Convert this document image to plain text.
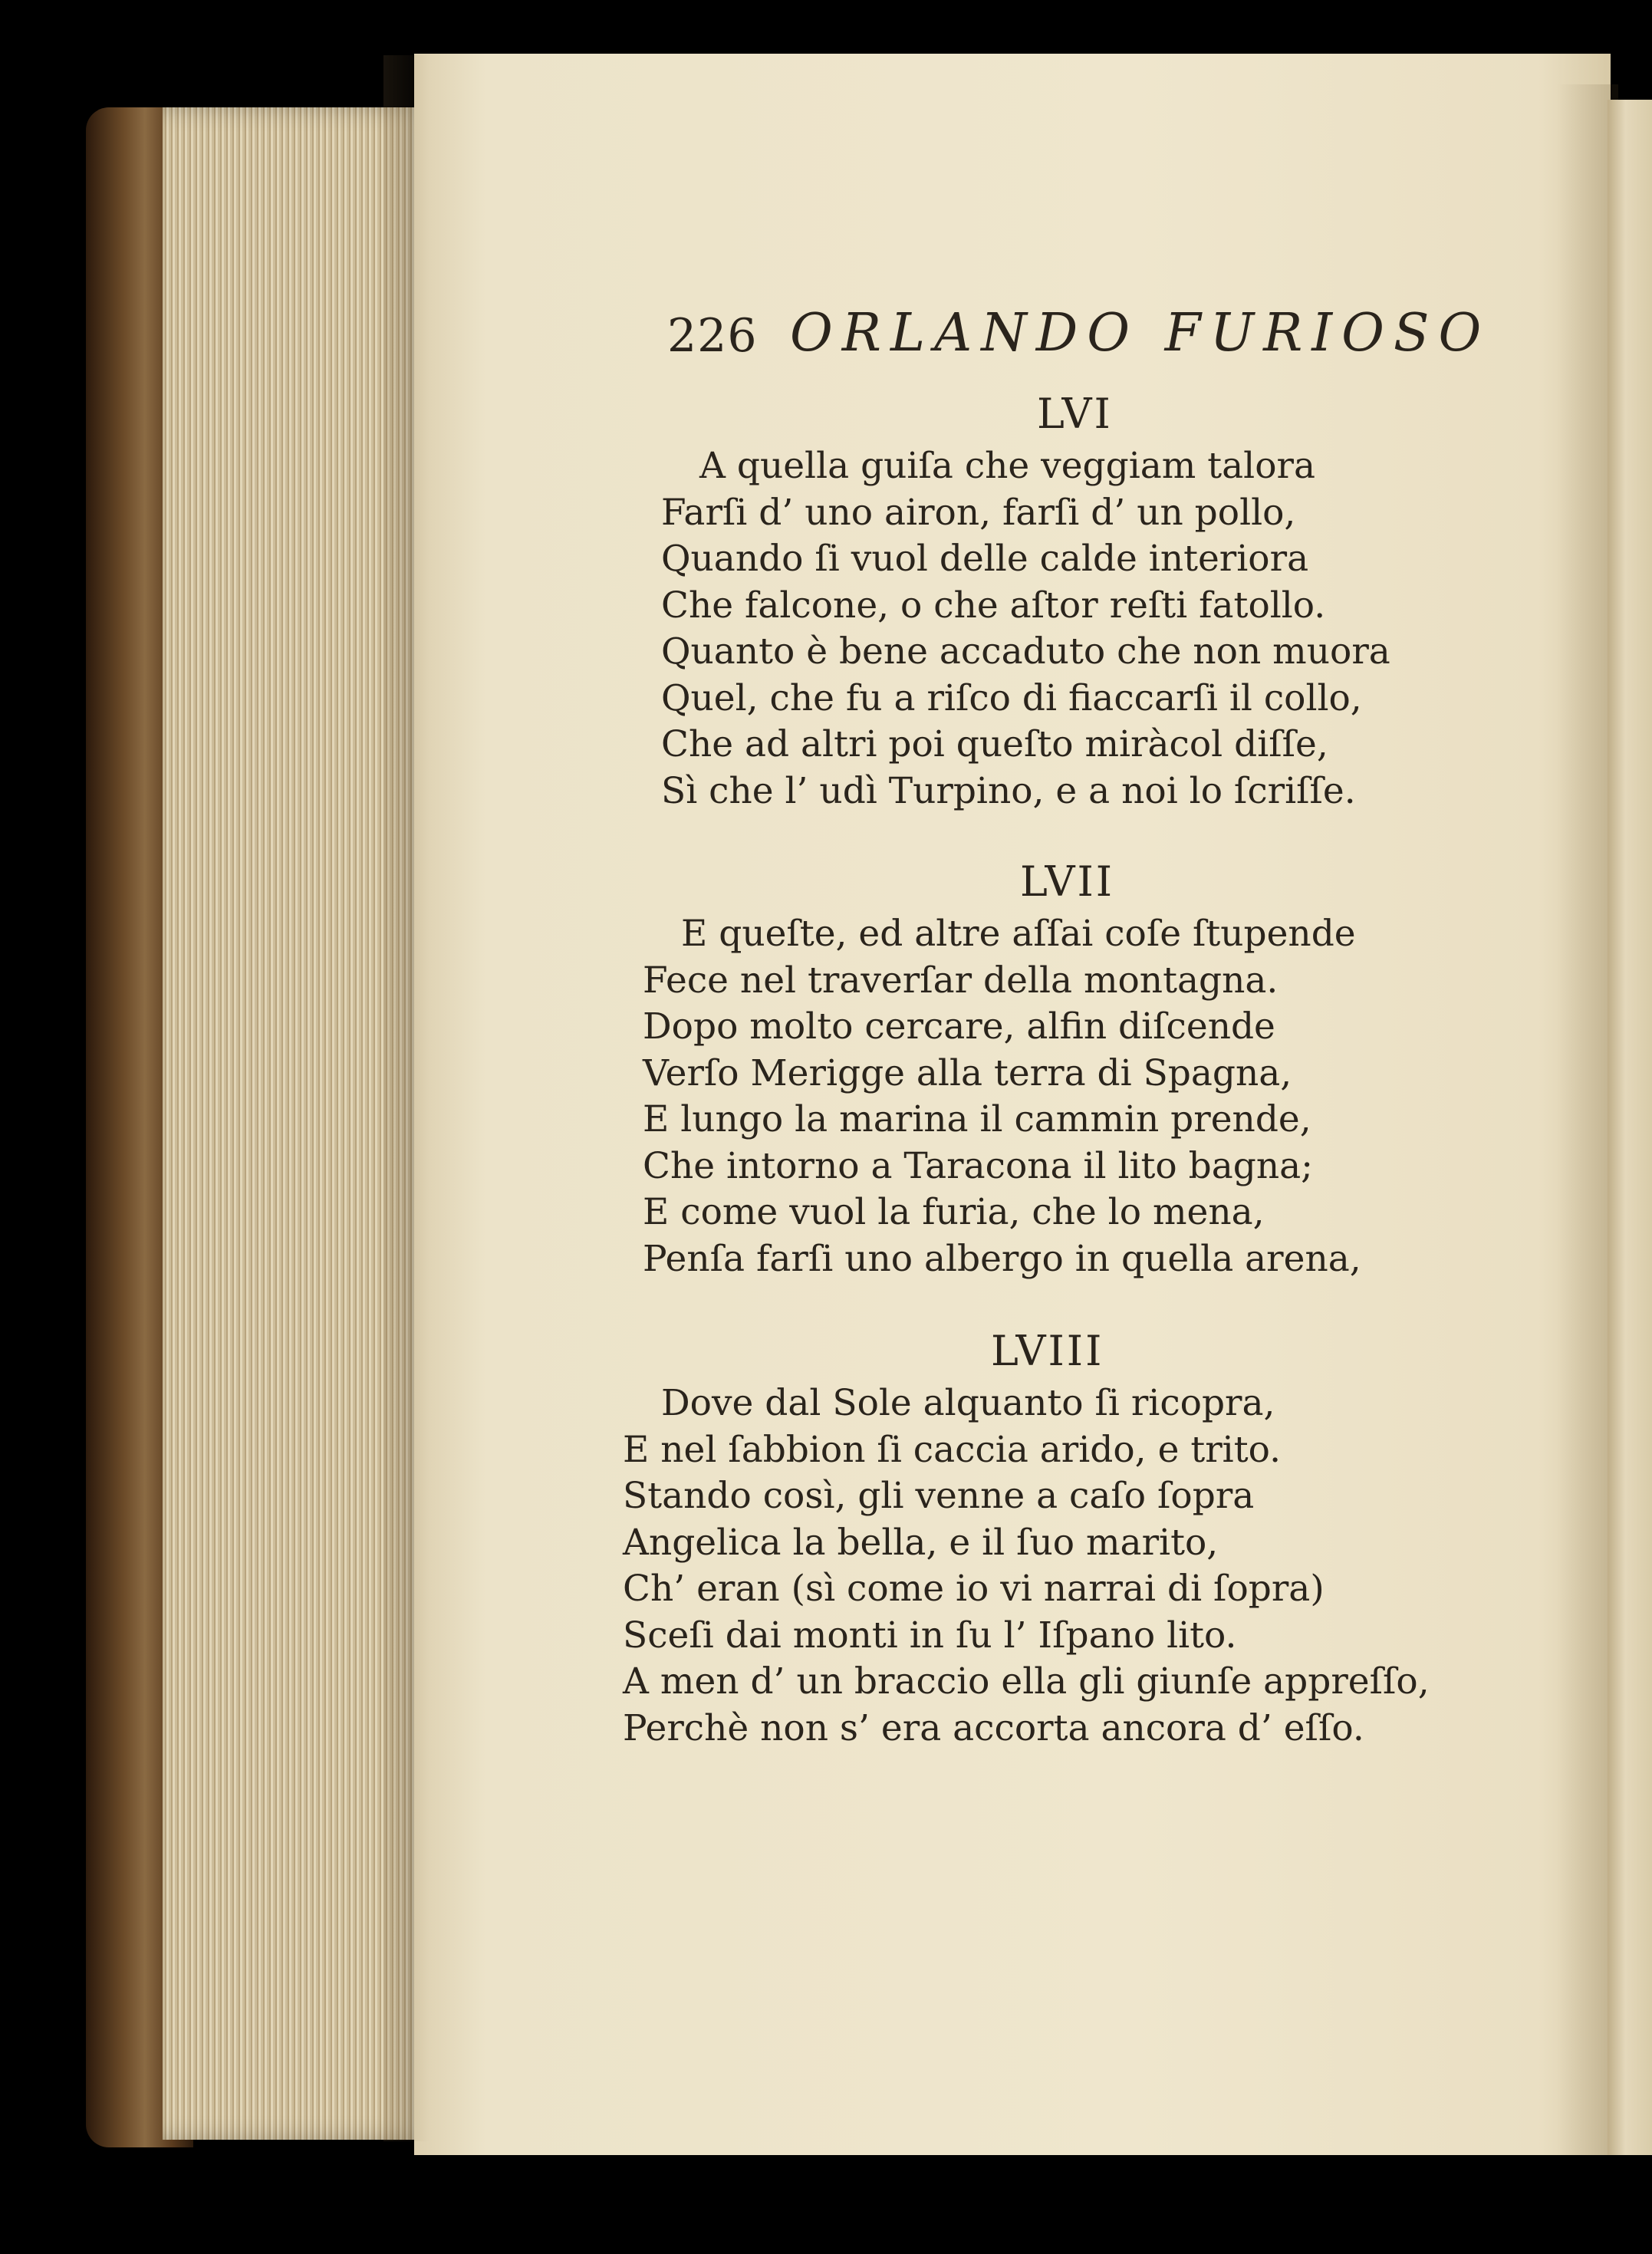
226 ORLANDO FURIOSO
LVI

A quella guiſa che veggiam talora

Farſi d’ uno airon, farſi d’ un pollo,

Quando ſi vuol delle calde interiora

Che falcone, o che aſtor reſti fatollo.

Quanto è bene accaduto che non muora

Quel, che fu a riſco di fiaccarſi il collo,

Che ad altri poi queſto miràcol diſſe,

Sì che l’ udì Turpino, e a noi lo ſcriſſe.

LVII

E queſte, ed altre aſſai coſe ſtupende

Fece nel traverſar della montagna.

Dopo molto cercare, alfin diſcende

Verſo Merigge alla terra di Spagna,

E lungo la marina il cammin prende,

Che intorno a Taracona il lito bagna;

E come vuol la furia, che lo mena,

Penſa farſi uno albergo in quella arena,

LVIII

Dove dal Sole alquanto ſi ricopra,

E nel ſabbion ſi caccia arido, e trito.

Stando così, gli venne a caſo ſopra

Angelica la bella, e il ſuo marito,

Ch’ eran (sì come io vi narrai di ſopra)

Sceſi dai monti in ſu l’ Iſpano lito.

A men d’ un braccio ella gli giunſe appreſſo,

Perchè non s’ era accorta ancora d’ eſſo.
